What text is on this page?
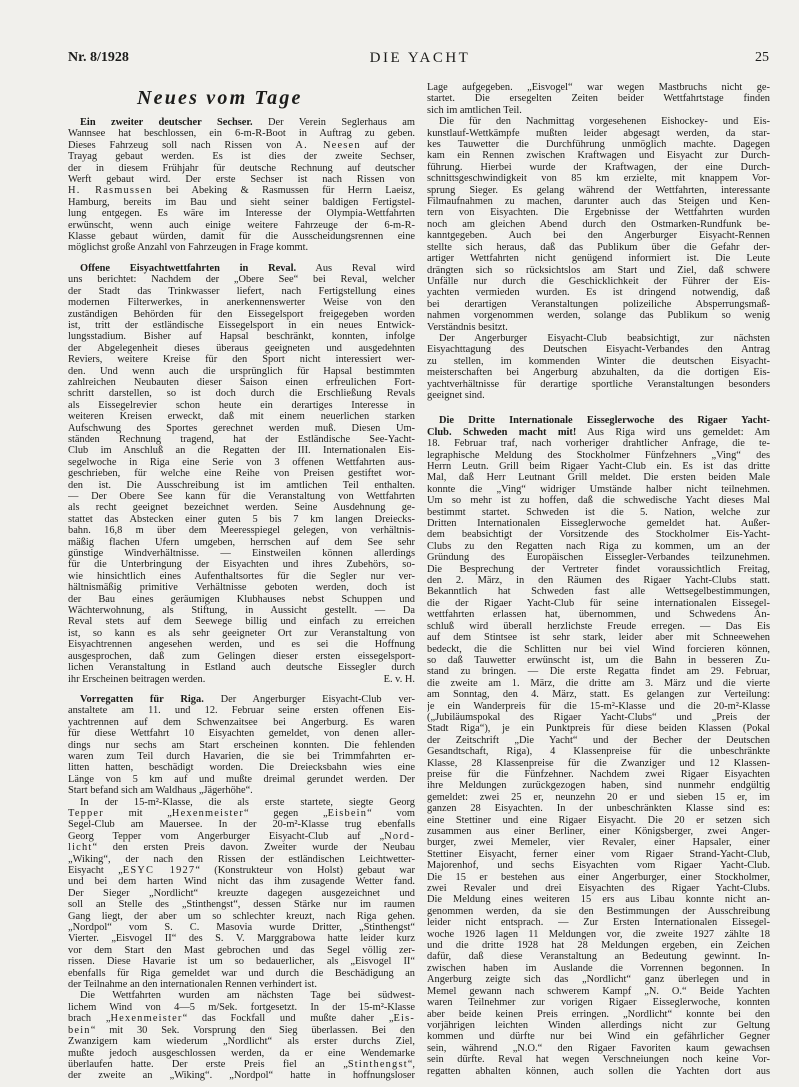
Nr. 8/1928	DIE YACHT	25
Neues vom Tage
Ein zweiter deutscher Sechser. Der Verein Seglerhaus am
Wannsee hat beschlossen, ein 6-m-R-Boot in Auftrag zu geben.
Dieses Fahrzeug soll nach Rissen von A. Neesen auf der
Trayag gebaut werden. Es ist dies der zweite Sechser,
der in diesem Frühjahr für deutsche Rechnung auf deutscher
Werft gebaut wird. Der erste Sechser ist nach Rissen von
H. Rasmussen bei Abeking & Rasmussen für Herrn Laeisz,
Hamburg, bereits im Bau und sieht seiner baldigen Fertigstel-
lung entgegen. Es wäre im Interesse der Olympia-Wettfahrten
erwünscht, wenn auch einige weitere Fahrzeuge der 6-m-R-
Klasse gebaut würden, damit für die Ausscheidungsrennen eine
möglichst große Anzahl von Fahrzeugen in Frage kommt.
Offene Eisyachtwettfahrten in Reval. Aus Reval wird
uns berichtet: Nachdem der „Obere See“ bei Reval, welcher
der Stadt das Trinkwasser liefert, nach Fertigstellung eines
modernen Filterwerkes, in anerkennenswerter Weise von den
zuständigen Behörden für den Eissegelsport freigegeben worden
ist, tritt der estländische Eissegelsport in ein neues Entwick-
lungsstadium. Bisher auf Hapsal beschränkt, konnten, infolge
der Abgelegenheit dieses überaus geeigneten und ausgedehnten
Reviers, weitere Kreise für den Sport nicht interessiert wer-
den. Und wenn auch die ursprünglich für Hapsal bestimmten
zahlreichen Neubauten dieser Saison einen erfreulichen Fort-
schritt darstellen, so ist doch durch die Erschließung Revals
als Eissegelrevier schon heute ein derartiges Interesse in
weiteren Kreisen erweckt, daß mit einem neuerlichen starken
Aufschwung des Sportes gerechnet werden muß. Diesen Um-
ständen Rechnung tragend, hat der Estländische See-Yacht-
Club im Anschluß an die Regatten der III. Internationalen Eis-
segelwoche in Riga eine Serie von 3 offenen Wettfahrten aus-
geschrieben, für welche eine Reihe von Preisen gestiftet wor-
den ist. Die Ausschreibung ist im amtlichen Teil enthalten.
— Der Obere See kann für die Veranstaltung von Wettfahrten
als recht geeignet bezeichnet werden. Seine Ausdehnung ge-
stattet das Abstecken einer guten 5 bis 7 km langen Dreiecks-
bahn. 16,8 m über dem Meeresspiegel gelegen, von verhältnis-
mäßig flachen Ufern umgeben, herrschen auf dem See sehr
günstige Windverhältnisse. — Einstweilen können allerdings
für die Unterbringung der Eisyachten und ihres Zubehörs, so-
wie hinsichtlich eines Aufenthaltsortes für die Segler nur ver-
hältnismäßig primitive Verhältnisse geboten werden, doch ist
der Bau eines geräumigen Klubhauses nebst Schuppen und
Wächterwohnung, als Stiftung, in Aussicht gestellt. — Da
Reval stets auf dem Seewege billig und einfach zu erreichen
ist, so kann es als sehr geeigneter Ort zur Veranstaltung von
Eisyachtrennen angesehen werden, und es sei die Hoffnung
ausgesprochen, daß zum Gelingen dieser ersten eissegelsport-
lichen Veranstaltung in Estland auch deutsche Eissegler durch
ihr Erscheinen beitragen werden.	E. v. H.
Vorregatten für Riga. Der Angerburger Eisyacht-Club ver-
anstaltete am 11. und 12. Februar seine ersten offenen Eis-
yachtrennen auf dem Schwenzaitsee bei Angerburg. Es waren
für diese Wettfahrt 10 Eisyachten gemeldet, von denen aller-
dings nur sechs am Start erscheinen konnten. Die fehlenden
waren zum Teil durch Havarien, die sie bei Trimmfahrten er-
litten hatten, beschädigt worden. Die Dreiecksbahn wies eine
Länge von 5 km auf und mußte dreimal gerundet werden. Der
Start befand sich am Waldhaus „Jägerhöhe“.
In der 15-m²-Klasse, die als erste startete, siegte Georg
Tepper mit „Hexenmeister“ gegen „Eisbein“ vom
Segel-Club am Mauersee. In der 20-m²-Klasse trug ebenfalls
Georg Tepper vom Angerburger Eisyacht-Club auf „Nord-
licht“ den ersten Preis davon. Zweiter wurde der Neubau
„Wiking“, der nach den Rissen der estländischen Leichtwetter-
Eisyacht „ESYC 1927“ (Konstrukteur von Holst) gebaut war
und bei dem harten Wind nicht das ihm zusagende Wetter fand.
Der Sieger „Nordlicht“ kreuzte dagegen ausgezeichnet und
soll an Stelle des „Stinthengst“, dessen Stärke nur im raumen
Gang liegt, der aber um so schlechter kreuzt, nach Riga gehen.
„Nordpol“ vom S. C. Masovia wurde Dritter, „Stinthengst“
Vierter. „Eisvogel II“ des S. V. Marggrabowa hatte leider kurz
vor dem Start den Mast gebrochen und das Segel völlig zer-
rissen. Diese Havarie ist um so bedauerlicher, als „Eisvogel II“
ebenfalls für Riga gemeldet war und durch die Beschädigung an
der Teilnahme an den internationalen Rennen verhindert ist.
Die Wettfahrten wurden am nächsten Tage bei südwest-
lichem Wind von 4—5 m/Sek. fortgesetzt. In der 15-m²-Klasse
brach „Hexenmeister“ das Fockfall und mußte daher „Eis-
bein“ mit 30 Sek. Vorsprung den Sieg überlassen. Bei den
Zwanzigern kam wiederum „Nordlicht“ als erster durchs Ziel,
mußte jedoch ausgeschlossen werden, da er eine Wendemarke
überlaufen hatte. Der erste Preis fiel an „Stinthengst“,
der zweite an „Wiking“. „Nordpol“ hatte in hoffnungsloser
Lage aufgegeben. „Eisvogel“ war wegen Mastbruchs nicht ge-
startet. Die ersegelten Zeiten beider Wettfahrtstage finden
sich im amtlichen Teil.
Die für den Nachmittag vorgesehenen Eishockey- und Eis-
kunstlauf-Wettkämpfe mußten leider abgesagt werden, da star-
kes Tauwetter die Durchführung unmöglich machte. Dagegen
kam ein Rennen zwischen Kraftwagen und Eisyacht zur Durch-
führung. Hierbei wurde der Kraftwagen, der eine Durch-
schnittsgeschwindigkeit von 85 km erzielte, mit knappem Vor-
sprung Sieger. Es gelang während der Wettfahrten, interessante
Filmaufnahmen zu machen, darunter auch das Steigen und Ken-
tern von Eisyachten. Die Ergebnisse der Wettfahrten wurden
noch am gleichen Abend durch den Ostmarken-Rundfunk be-
kanntgegeben. Auch bei den Angerburger Eisyacht-Rennen
stellte sich heraus, daß das Publikum über die Gefahr der-
artiger Wettfahrten nicht genügend informiert ist. Die Leute
drängten sich so rücksichtslos am Start und Ziel, daß schwere
Unfälle nur durch die Geschicklichkeit der Führer der Eis-
yachten vermieden wurden. Es ist dringend notwendig, daß
bei derartigen Veranstaltungen polizeiliche Absperrungsmaß-
nahmen vorgenommen werden, solange das Publikum so wenig
Verständnis besitzt.
Der Angerburger Eisyacht-Club beabsichtigt, zur nächsten
Eisyachttagung des Deutschen Eisyacht-Verbandes den Antrag
zu stellen, im kommenden Winter die deutschen Eisyacht-
meisterschaften bei Angerburg abzuhalten, da die dortigen Eis-
yachtverhältnisse für derartige sportliche Veranstaltungen besonders
geeignet sind.
Die Dritte Internationale Eisseglerwoche des Rigaer Yacht-
Club. Schweden macht mit! Aus Riga wird uns gemeldet: Am
18. Februar traf, nach vorheriger drahtlicher Anfrage, die te-
legraphische Meldung des Stockholmer Fünfzehners „Ving“ des
Herrn Leutn. Grill beim Rigaer Yacht-Club ein. Es ist das dritte
Mal, daß Herr Leutnant Grill meldet. Die ersten beiden Male
konnte die „Ving“ widriger Umstände halber nicht teilnehmen.
Um so mehr ist zu hoffen, daß die schwedische Yacht dieses Mal
bestimmt startet. Schweden ist die 5. Nation, welche zur
Dritten Internationalen Eisseglerwoche gemeldet hat. Außer-
dem beabsichtigt der Vorsitzende des Stockholmer Eis-Yacht-
Clubs zu den Regatten nach Riga zu kommen, um an der
Gründung des Europäischen Eissegler-Verbandes teilzunehmen.
Die Besprechung der Vertreter findet voraussichtlich Freitag,
den 2. März, in den Räumen des Rigaer Yacht-Clubs statt.
Bekanntlich hat Schweden fast alle Wettsegelbestimmungen,
die der Rigaer Yacht-Club für seine internationalen Eissegel-
wettfahrten erlassen hat, übernommen, und Schwedens An-
schluß wird überall herzlichste Freude erregen. — Das Eis
auf dem Stintsee ist sehr stark, leider aber mit Schneewehen
bedeckt, die die Schlitten nur bei viel Wind forcieren können,
so daß Tauwetter erwünscht ist, um die Bahn in besseren Zu-
stand zu bringen. — Die erste Regatta findet am 29. Februar,
die zweite am 1. März, die dritte am 3. März und die vierte
am Sonntag, den 4. März, statt. Es gelangen zur Verteilung:
je ein Wanderpreis für die 15-m²-Klasse und die 20-m²-Klasse
(„Jubiläumspokal des Rigaer Yacht-Clubs“ und „Preis der
Stadt Riga“), je ein Punktpreis für diese beiden Klassen (Pokal
der Zeitschrift „Die Yacht“ und der Becher der Deutschen
Gesandtschaft, Riga), 4 Klassenpreise für die unbeschränkte
Klasse, 28 Klassenpreise für die Zwanziger und 12 Klassen-
preise für die Fünfzehner. Nachdem zwei Rigaer Eisyachten
ihre Meldungen zurückgezogen haben, sind nunmehr endgültig
gemeldet: zwei 25 er, neunzehn 20 er und sieben 15 er, im
ganzen 28 Eisyachten. In der unbeschränkten Klasse sind es:
eine Stettiner und eine Rigaer Eisyacht. Die 20 er setzen sich
zusammen aus einer Berliner, einer Königsberger, zwei Anger-
burger, zwei Memeler, vier Revaler, einer Hapsaler, einer
Stettiner Eisyacht, ferner einer vom Rigaer Strand-Yacht-Club,
Majorenhof, und sechs Eisyachten vom Rigaer Yacht-Club.
Die 15 er bestehen aus einer Angerburger, einer Stockholmer,
zwei Revaler und drei Eisyachten des Rigaer Yacht-Clubs.
Die Meldung eines weiteren 15 ers aus Libau konnte nicht an-
genommen werden, da sie den Bestimmungen der Ausschreibung
leider nicht entsprach. — Zur Ersten Internationalen Eissegel-
woche 1926 lagen 11 Meldungen vor, die zweite 1927 zählte 18
und die dritte 1928 hat 28 Meldungen ergeben, ein Zeichen
dafür, daß diese Veranstaltung an Bedeutung gewinnt. In-
zwischen haben im Auslande die Vorrennen begonnen. In
Angerburg zeigte sich das „Nordlicht“ ganz überlegen und in
Memel gewann nach schwerem Kampf „N. O.“ Beide Yachten
waren Teilnehmer zur vorigen Rigaer Eisseglerwoche, konnten
aber beide keinen Preis erringen. „Nordlicht“ konnte bei den
vorjährigen leichten Winden allerdings nicht zur Geltung
kommen und dürfte nur bei Wind ein gefährlicher Gegner
sein, während „N.O.“ den Rigaer Favoriten kaum gewachsen
sein dürfte. Reval hat wegen Verschneiungen noch keine Vor-
regatten abhalten können, auch sollen die Yachten dort aus
